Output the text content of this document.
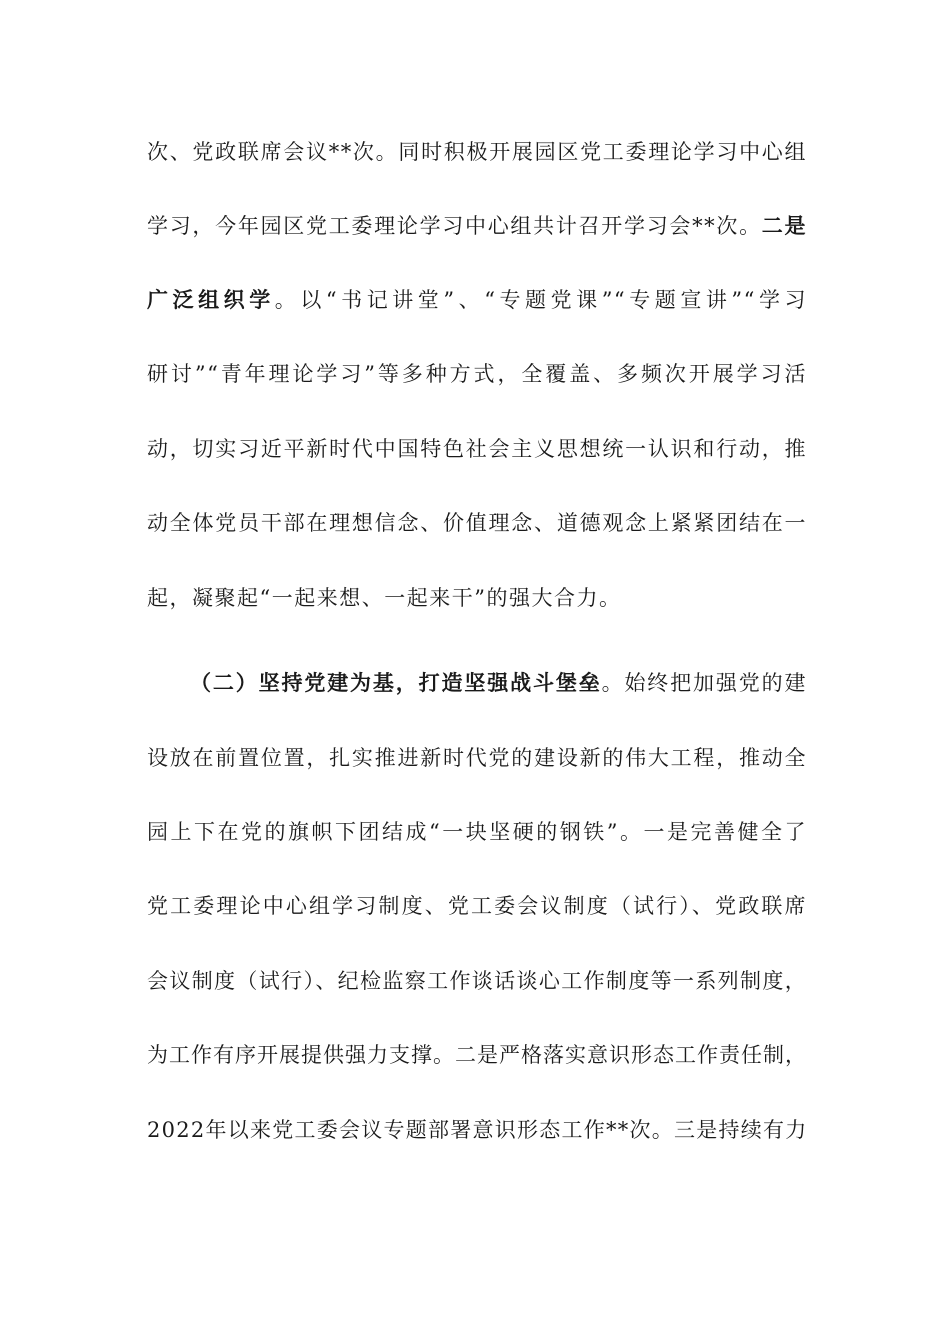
次、党政联席会议**次。同时积极开展园区党工委理论学习中心组
学习，今年园区党工委理论学习中心组共计召开学习会**次。二是
广泛组织学。以“书记讲堂”、“专题党课”“专题宣讲”“学习
研讨”“青年理论学习”等多种方式，全覆盖、多频次开展学习活
动，切实习近平新时代中国特色社会主义思想统一认识和行动，推
动全体党员干部在理想信念、价值理念、道德观念上紧紧团结在一
起，凝聚起“一起来想、一起来干”的强大合力。
（二）坚持党建为基，打造坚强战斗堡垒。始终把加强党的建
设放在前置位置，扎实推进新时代党的建设新的伟大工程，推动全
园上下在党的旗帜下团结成“一块坚硬的钢铁”。一是完善健全了
党工委理论中心组学习制度、党工委会议制度（试行）、党政联席
会议制度（试行）、纪检监察工作谈话谈心工作制度等一系列制度，
为工作有序开展提供强力支撑。二是严格落实意识形态工作责任制，
2022年以来党工委会议专题部署意识形态工作**次。三是持续有力
